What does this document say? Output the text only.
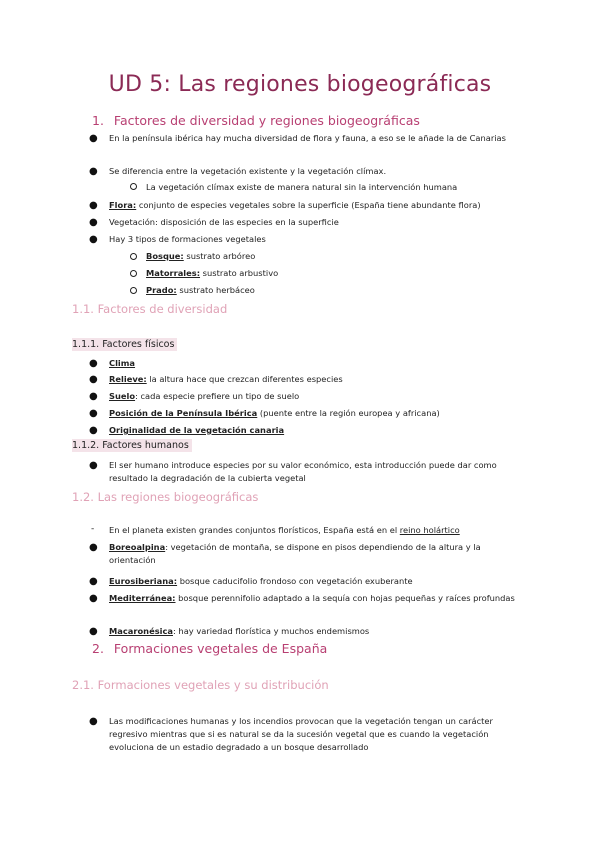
UD 5: Las regiones biogeográficas
1. Factores de diversidad y regiones biogeográficas
● En la península ibérica hay mucha diversidad de flora y fauna, a eso se le añade la de Canarias
● Se diferencia entre la vegetación existente y la vegetación clímax.
La vegetación clímax existe de manera natural sin la intervención humana
● Flora: conjunto de especies vegetales sobre la superficie (España tiene abundante flora)
● Vegetación: disposición de las especies en la superficie
● Hay 3 tipos de formaciones vegetales
Bosque: sustrato arbóreo
Matorrales: sustrato arbustivo
Prado: sustrato herbáceo
1.1. Factores de diversidad
1.1.1. Factores físicos
● Clima
● Relieve: la altura hace que crezcan diferentes especies
● Suelo: cada especie prefiere un tipo de suelo
● Posición de la Península Ibérica (puente entre la región europea y africana)
● Originalidad de la vegetación canaria
1.1.2. Factores humanos
● El ser humano introduce especies por su valor económico, esta introducción puede dar como resultado la degradación de la cubierta vegetal
1.2. Las regiones biogeográficas
- En el planeta existen grandes conjuntos florísticos, España está en el reino holártico
● Boreoalpina: vegetación de montaña, se dispone en pisos dependiendo de la altura y la orientación
● Eurosiberiana: bosque caducifolio frondoso con vegetación exuberante
● Mediterránea: bosque perennifolio adaptado a la sequía con hojas pequeñas y raíces profundas
● Macaronésica: hay variedad florística y muchos endemismos
2. Formaciones vegetales de España
2.1. Formaciones vegetales y su distribución
● Las modificaciones humanas y los incendios provocan que la vegetación tengan un carácter regresivo mientras que si es natural se da la sucesión vegetal que es cuando la vegetación evoluciona de un estadio degradado a un bosque desarrollado
